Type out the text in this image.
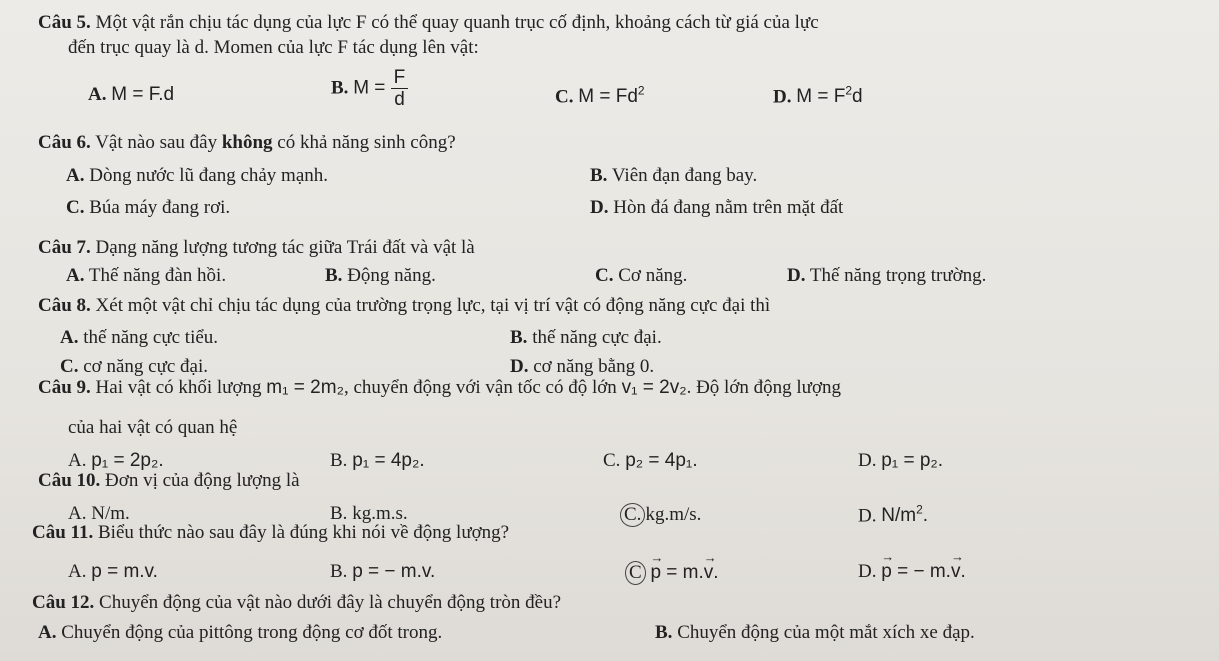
Câu 5. Một vật rắn chịu tác dụng của lực F có thể quay quanh trục cố định, khoảng cách từ giá của lực
đến trục quay là d. Momen của lực F tác dụng lên vật:
A. M = F.d	B. $M = \frac{F}{d}$	C. $M = Fd^2$	D. $M = F^2d$
Câu 6. Vật nào sau đây không có khả năng sinh công?
A. Dòng nước lũ đang chảy mạnh.	B. Viên đạn đang bay.
C. Búa máy đang rơi.	D. Hòn đá đang nằm trên mặt đất
Câu 7. Dạng năng lượng tương tác giữa Trái đất và vật là
A. Thế năng đàn hồi.	B. Động năng.	C. Cơ năng.	D. Thế năng trọng trường.
Câu 8. Xét một vật chỉ chịu tác dụng của trường trọng lực, tại vị trí vật có động năng cực đại thì
A. thế năng cực tiểu.	B. thế năng cực đại.
C. cơ năng cực đại.	D. cơ năng bằng 0.
Câu 9. Hai vật có khối lượng m₁ = 2m₂, chuyển động với vận tốc có độ lớn v₁ = 2v₂. Độ lớn động lượng
của hai vật có quan hệ
A. p₁ = 2p₂.	B. p₁ = 4p₂.	C. p₂ = 4p₁.	D. p₁ = p₂.
Câu 10. Đơn vị của động lượng là
A. N/m.	B. kg.m.s.	C. kg.m/s.	D. $N/m^2$.
Câu 11. Biểu thức nào sau đây là đúng khi nói về động lượng?
A. p = m.v.	B. p = − m.v.	C → p = m.→ v.	D. → p = − m.→ v.
Câu 12. Chuyển động của vật nào dưới đây là chuyển động tròn đều?
A. Chuyển động của pittông trong động cơ đốt trong.	B. Chuyển động của một mắt xích xe đạp.
